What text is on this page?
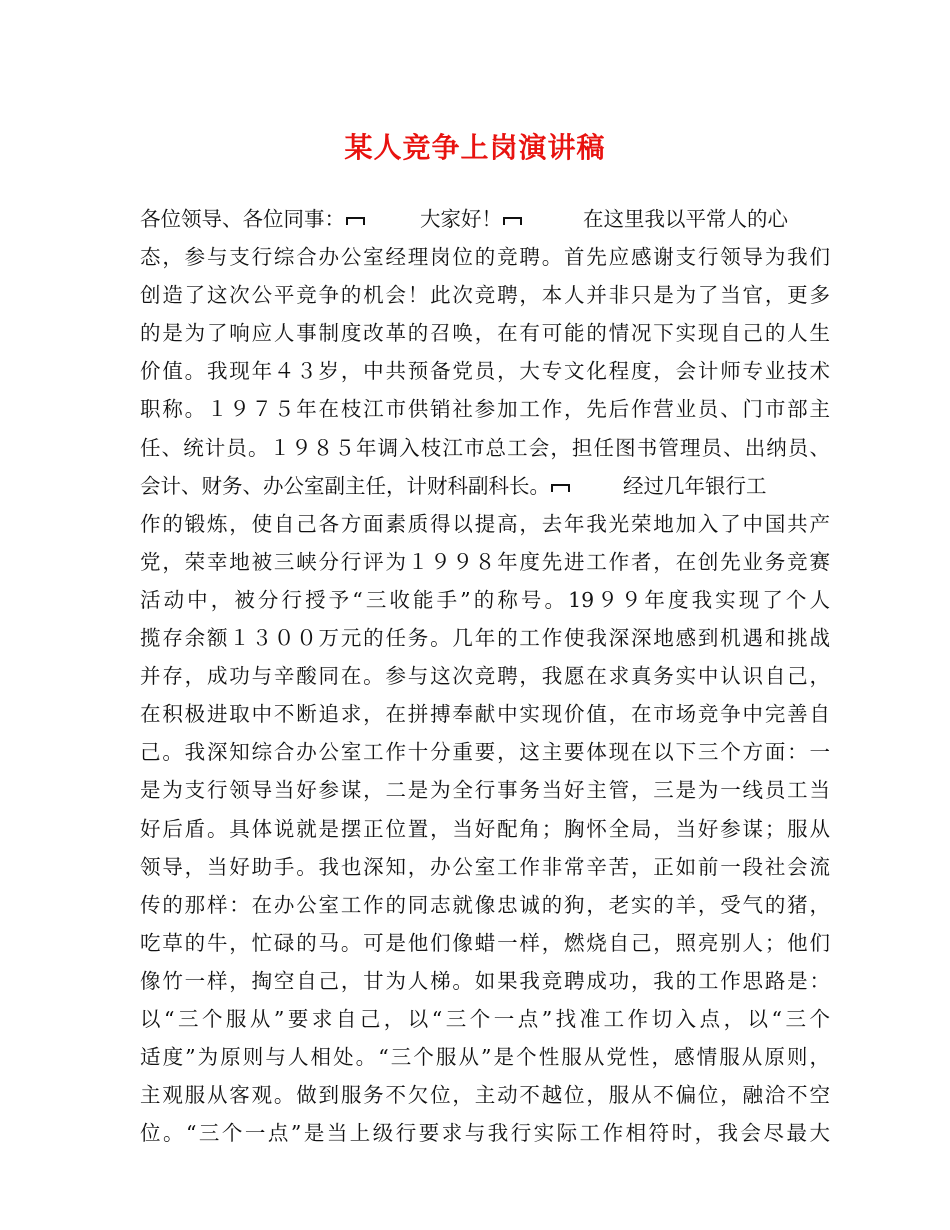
某人竞争上岗演讲稿
各位领导、各位同事：	大家好！	在这里我以平常人的心
态，参与支行综合办公室经理岗位的竞聘。首先应感谢支行领导为我们
创造了这次公平竞争的机会！此次竞聘，本人并非只是为了当官，更多
的是为了响应人事制度改革的召唤，在有可能的情况下实现自己的人生
价值。我现年４３岁，中共预备党员，大专文化程度，会计师专业技术
职称。１９７５年在枝江市供销社参加工作，先后作营业员、门市部主
任、统计员。１９８５年调入枝江市总工会，担任图书管理员、出纳员、
会计、财务、办公室副主任，计财科副科长。	经过几年银行工
作的锻炼，使自己各方面素质得以提高，去年我光荣地加入了中国共产
党，荣幸地被三峡分行评为１９９８年度先进工作者，在创先业务竞赛
活动中，被分行授予“三收能手”的称号。19９９年度我实现了个人
揽存余额１３００万元的任务。几年的工作使我深深地感到机遇和挑战
并存，成功与辛酸同在。参与这次竞聘，我愿在求真务实中认识自己，
在积极进取中不断追求，在拼搏奉献中实现价值，在市场竞争中完善自
己。我深知综合办公室工作十分重要，这主要体现在以下三个方面：一
是为支行领导当好参谋，二是为全行事务当好主管，三是为一线员工当
好后盾。具体说就是摆正位置，当好配角；胸怀全局，当好参谋；服从
领导，当好助手。我也深知，办公室工作非常辛苦，正如前一段社会流
传的那样：在办公室工作的同志就像忠诚的狗，老实的羊，受气的猪，
吃草的牛，忙碌的马。可是他们像蜡一样，燃烧自己，照亮别人；他们
像竹一样，掏空自己，甘为人梯。如果我竞聘成功，我的工作思路是：
以“三个服从”要求自己，以“三个一点”找准工作切入点，以“三个
适度”为原则与人相处。“三个服从”是个性服从党性，感情服从原则，
主观服从客观。做到服务不欠位，主动不越位，服从不偏位，融洽不空
位。“三个一点”是当上级行要求与我行实际工作相符时，我会尽最大
